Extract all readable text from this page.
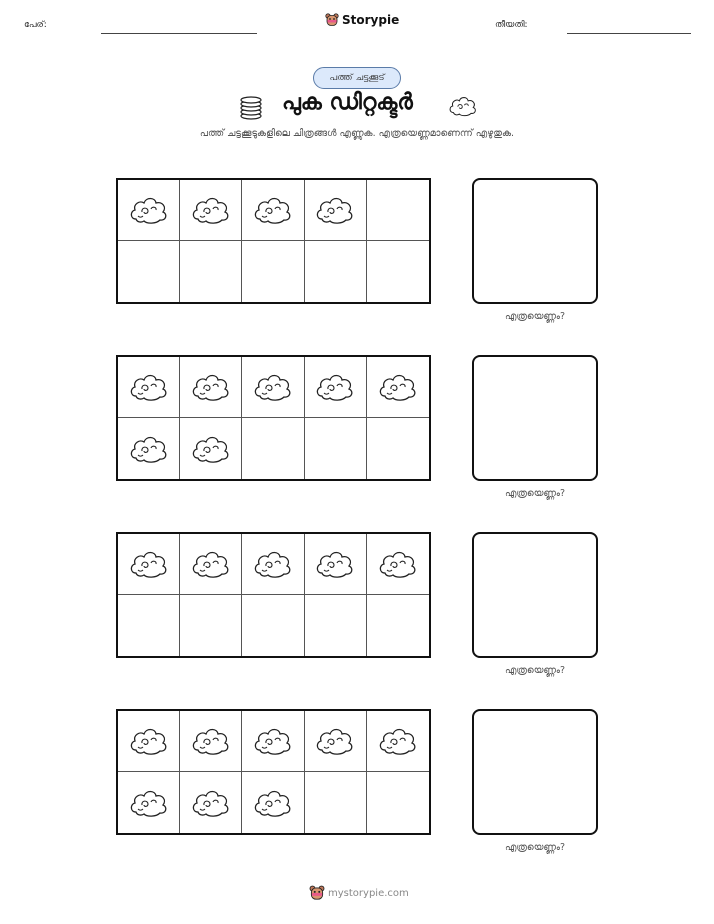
പേര്:	Storypie	തീയതി:
പത്ത് ചട്ടക്കൂട്
പുക ഡിറ്റക്ടർ
പത്ത് ചട്ടക്കൂടുകളിലെ ചിത്രങ്ങൾ എണ്ണുക. എത്രയെണ്ണമാണെന്ന് എഴുതുക.
എത്രയെണ്ണം?
എത്രയെണ്ണം?
എത്രയെണ്ണം?
എത്രയെണ്ണം?
mystorypie.com
